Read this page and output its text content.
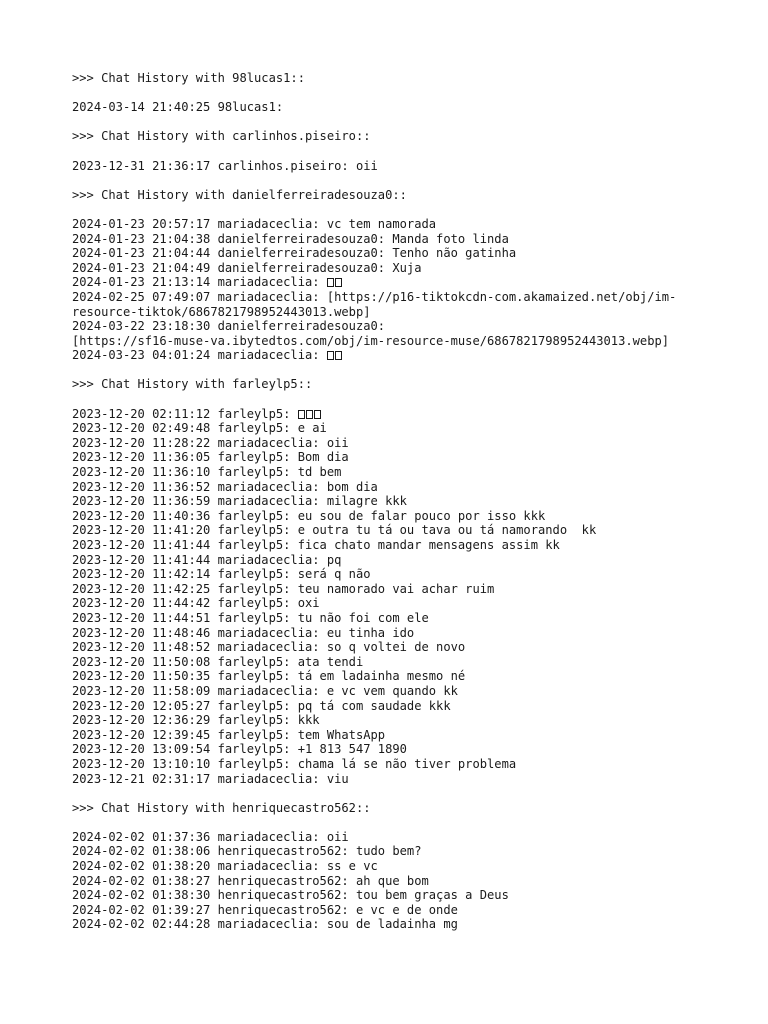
>>> Chat History with 98lucas1::
2024-03-14 21:40:25 98lucas1:
>>> Chat History with carlinhos.piseiro::
2023-12-31 21:36:17 carlinhos.piseiro: oii
>>> Chat History with danielferreiradesouza0::
2024-01-23 20:57:17 mariadaceclia: vc tem namorada
2024-01-23 21:04:38 danielferreiradesouza0: Manda foto linda
2024-01-23 21:04:44 danielferreiradesouza0: Tenho não gatinha
2024-01-23 21:04:49 danielferreiradesouza0: Xuja
2024-01-23 21:13:14 mariadaceclia:
2024-02-25 07:49:07 mariadaceclia: [https://p16-tiktokcdn-com.akamaized.net/obj/im-
resource-tiktok/6867821798952443013.webp]
2024-03-22 23:18:30 danielferreiradesouza0:
[https://sf16-muse-va.ibytedtos.com/obj/im-resource-muse/6867821798952443013.webp]
2024-03-23 04:01:24 mariadaceclia:
>>> Chat History with farleylp5::
2023-12-20 02:11:12 farleylp5:
2023-12-20 02:49:48 farleylp5: e ai
2023-12-20 11:28:22 mariadaceclia: oii
2023-12-20 11:36:05 farleylp5: Bom dia
2023-12-20 11:36:10 farleylp5: td bem
2023-12-20 11:36:52 mariadaceclia: bom dia
2023-12-20 11:36:59 mariadaceclia: milagre kkk
2023-12-20 11:40:36 farleylp5: eu sou de falar pouco por isso kkk
2023-12-20 11:41:20 farleylp5: e outra tu tá ou tava ou tá namorando  kk
2023-12-20 11:41:44 farleylp5: fica chato mandar mensagens assim kk
2023-12-20 11:41:44 mariadaceclia: pq
2023-12-20 11:42:14 farleylp5: será q não
2023-12-20 11:42:25 farleylp5: teu namorado vai achar ruim
2023-12-20 11:44:42 farleylp5: oxi
2023-12-20 11:44:51 farleylp5: tu não foi com ele
2023-12-20 11:48:46 mariadaceclia: eu tinha ido
2023-12-20 11:48:52 mariadaceclia: so q voltei de novo
2023-12-20 11:50:08 farleylp5: ata tendi
2023-12-20 11:50:35 farleylp5: tá em ladainha mesmo né
2023-12-20 11:58:09 mariadaceclia: e vc vem quando kk
2023-12-20 12:05:27 farleylp5: pq tá com saudade kkk
2023-12-20 12:36:29 farleylp5: kkk
2023-12-20 12:39:45 farleylp5: tem WhatsApp
2023-12-20 13:09:54 farleylp5: +1 813 547 1890
2023-12-20 13:10:10 farleylp5: chama lá se não tiver problema
2023-12-21 02:31:17 mariadaceclia: viu
>>> Chat History with henriquecastro562::
2024-02-02 01:37:36 mariadaceclia: oii
2024-02-02 01:38:06 henriquecastro562: tudo bem?
2024-02-02 01:38:20 mariadaceclia: ss e vc
2024-02-02 01:38:27 henriquecastro562: ah que bom
2024-02-02 01:38:30 henriquecastro562: tou bem graças a Deus
2024-02-02 01:39:27 henriquecastro562: e vc e de onde
2024-02-02 02:44:28 mariadaceclia: sou de ladainha mg
